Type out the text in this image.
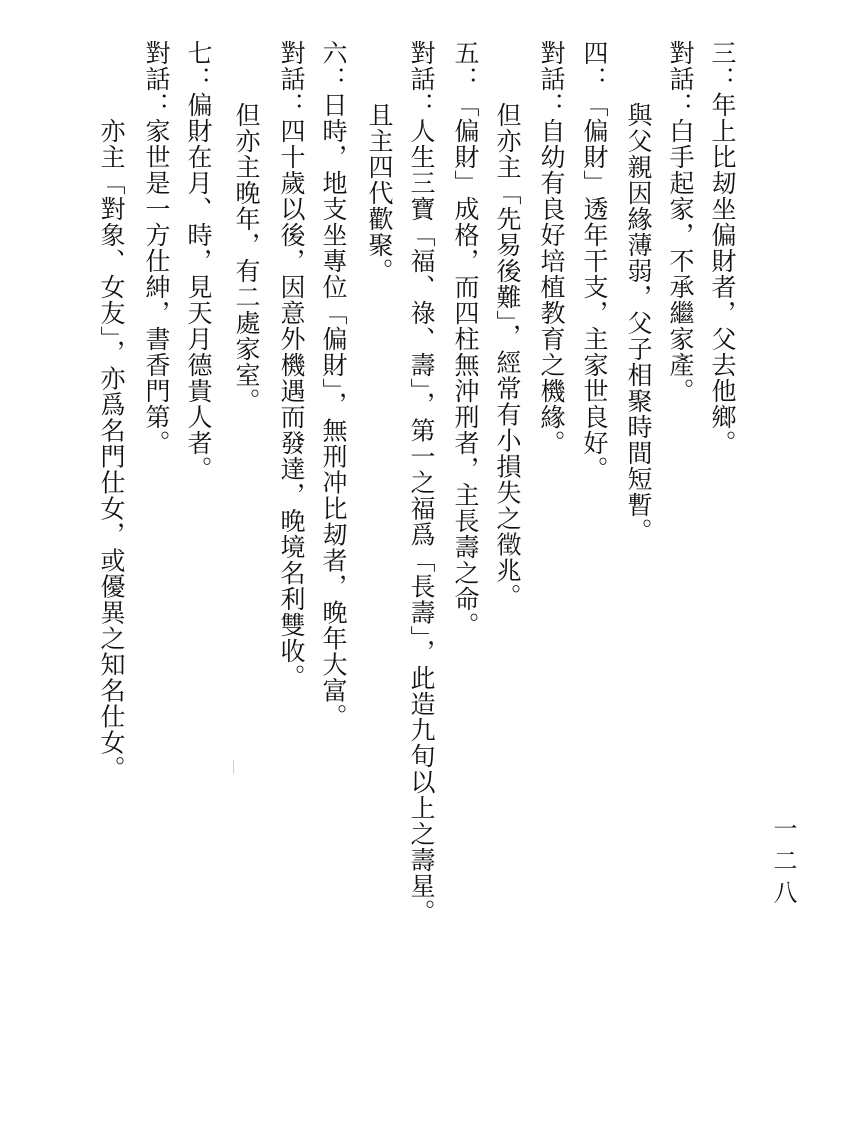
一二八
三：年上比刼坐偏財者，父去他鄉。
對話：白手起家，不承繼家產。
與父親因緣薄弱，父子相聚時間短暫。
四：「偏財」透年干支，主家世良好。
對話：自幼有良好培植教育之機緣。
但亦主「先易後難」，經常有小損失之徵兆。
五：「偏財」成格，而四柱無沖刑者，主長壽之命。
對話：人生三寶「福、祿、壽」，第一之福爲「長壽」，此造九旬以上之壽星。
且主四代歡聚。
六：日時，地支坐專位「偏財」，無刑冲比刼者，晚年大富。
對話：四十歲以後，因意外機遇而發達，晚境名利雙收。
但亦主晚年，有二處家室。
七：偏財在月、時，見天月德貴人者。
對話：家世是一方仕紳，書香門第。
亦主「對象、女友」，亦爲名門仕女，或優異之知名仕女。
